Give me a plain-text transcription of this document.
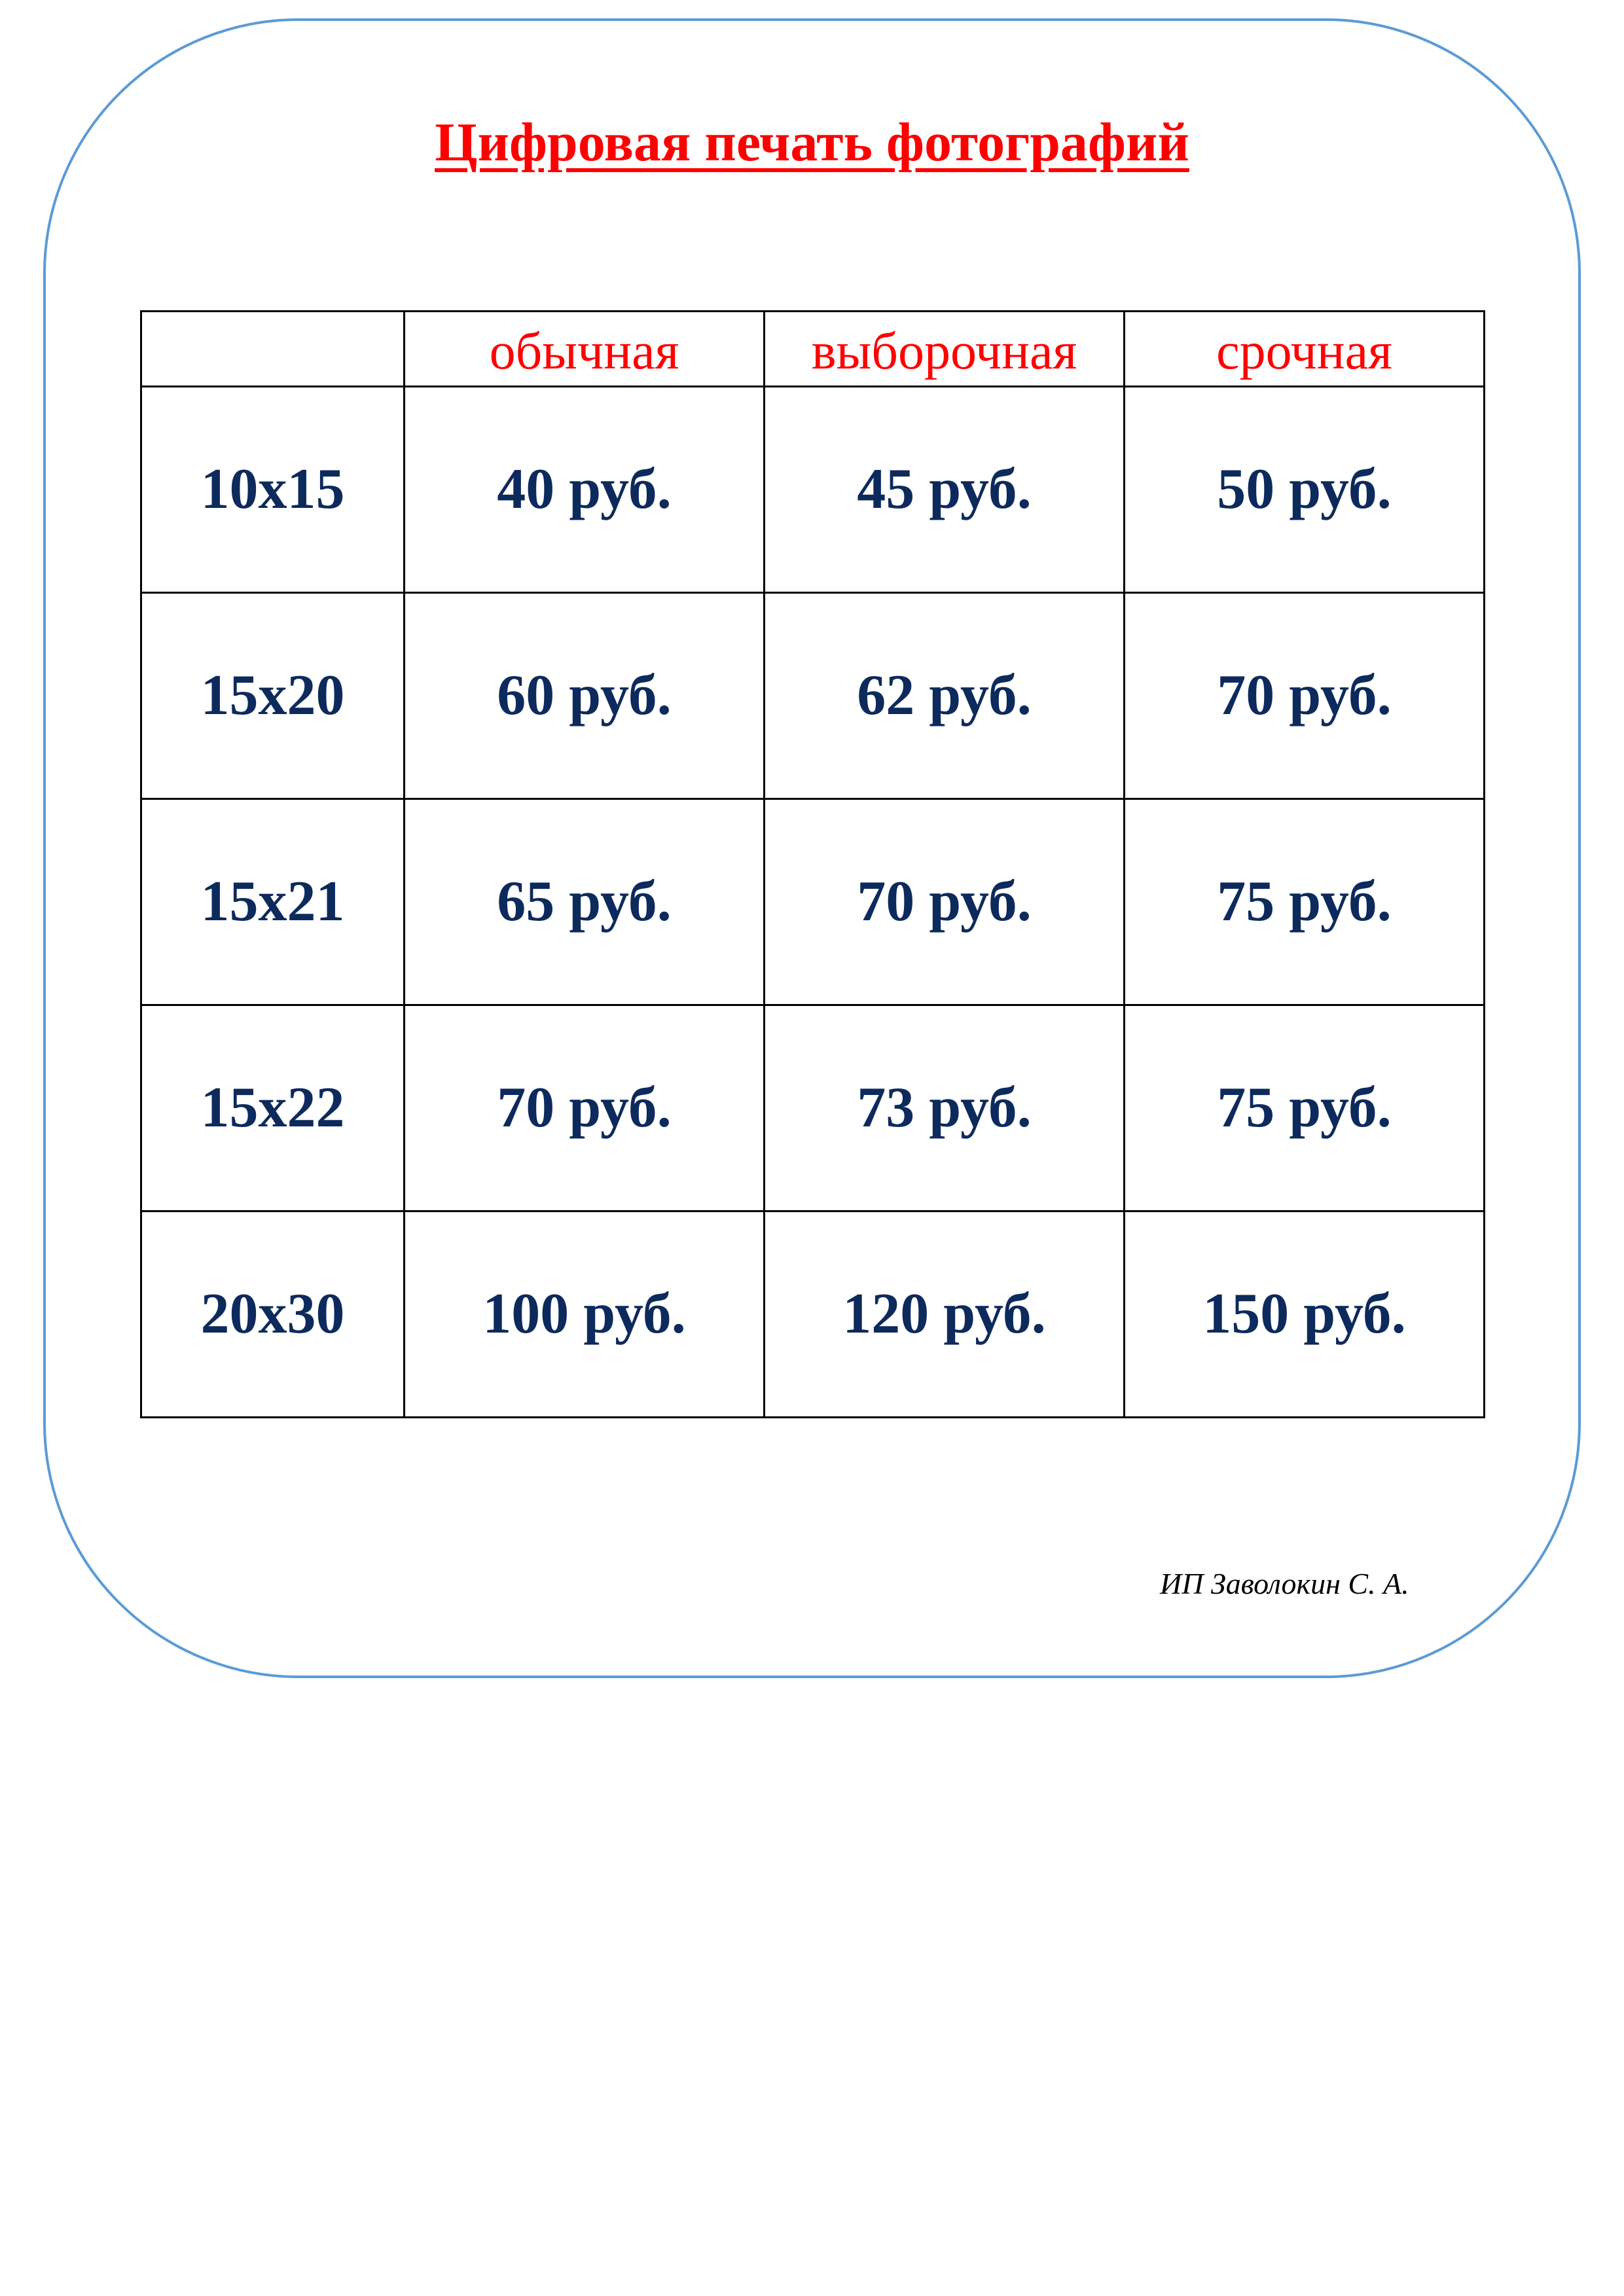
Цифровая печать фотографий
	обычная	выборочная	срочная
10х15	40 руб.	45 руб.	50 руб.
15х20	60 руб.	62 руб.	70 руб.
15х21	65 руб.	70 руб.	75 руб.
15х22	70 руб.	73 руб.	75 руб.
20х30	100 руб.	120 руб.	150 руб.
ИП Заволокин С. А.
